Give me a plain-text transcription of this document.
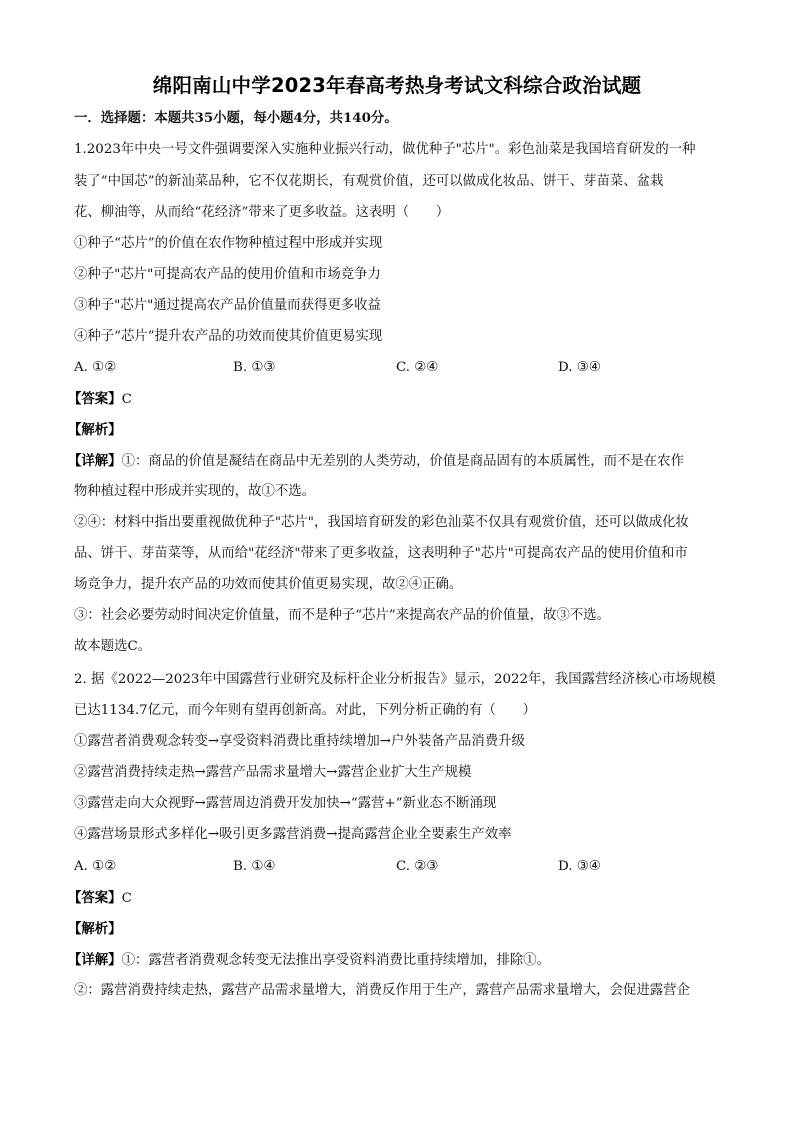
绵阳南山中学2023年春高考热身考试文科综合政治试题
一．选择题：本题共35小题，每小题4分，共140分。
1.2023年中央一号文件强调要深入实施种业振兴行动，做优种子"芯片"。彩色汕菜是我国培育研发的一种
装了“中国芯”的新汕菜品种，它不仅花期长，有观赏价值，还可以做成化妆品、饼干、芽苗菜、盆栽
花、柳油等，从而给“花经济”带来了更多收益。这表明（　　）
①种子“芯片”的价值在农作物种植过程中形成并实现
②种子"芯片"可提高农产品的使用价值和市场竞争力
③种子"芯片"通过提高农产品价值量而获得更多收益
④种子“芯片”提升农产品的功效而使其价值更易实现
A. ①②	B. ①③	C. ②④	D. ③④
【答案】C
【解析】
【详解】①：商品的价值是凝结在商品中无差别的人类劳动，价值是商品固有的本质属性，而不是在农作
物种植过程中形成并实现的，故①不选。
②④：材料中指出要重视做优种子"芯片"，我国培育研发的彩色汕菜不仅具有观赏价值，还可以做成化妆
品、饼干、芽苗菜等，从而给"花经济"带来了更多收益，这表明种子"芯片"可提高农产品的使用价值和市
场竞争力，提升农产品的功效而使其价值更易实现，故②④正确。
③：社会必要劳动时间决定价值量，而不是种子“芯片”来提高农产品的价值量，故③不选。
故本题选C。
2. 据《2022—2023年中国露营行业研究及标杆企业分析报告》显示，2022年，我国露营经济核心市场规模
已达1134.7亿元，而今年则有望再创新高。对此，下列分析正确的有（　　）
①露营者消费观念转变→享受资料消费比重持续增加→户外装备产品消费升级
②露营消费持续走热→露营产品需求量增大→露营企业扩大生产规模
③露营走向大众视野→露营周边消费开发加快→“露营+”新业态不断涌现
④露营场景形式多样化→吸引更多露营消费→提高露营企业全要素生产效率
A. ①②	B. ①④	C. ②③	D. ③④
【答案】C
【解析】
【详解】①：露营者消费观念转变无法推出享受资料消费比重持续增加，排除①。
②：露营消费持续走热，露营产品需求量增大，消费反作用于生产，露营产品需求量增大，会促进露营企
